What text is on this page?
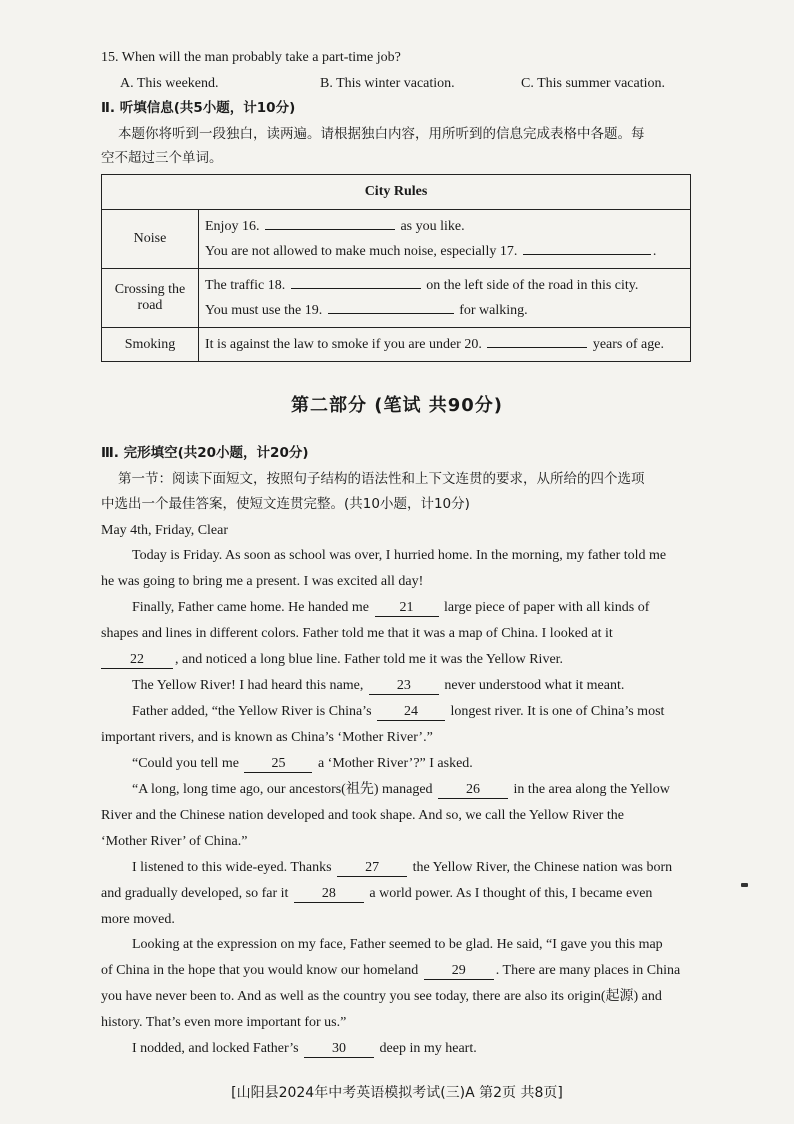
15. When will the man probably take a part-time job?
A. This weekend.	B. This winter vacation.	C. This summer vacation.
Ⅱ. 听填信息(共5小题，计10分)
本题你将听到一段独白，读两遍。请根据独白内容，用所听到的信息完成表格中各题。每
空不超过三个单词。
City Rules	
Noise	Enjoy 16. as you like.
You are not allowed to make much noise, especially 17. .

Crossing the road	The traffic 18. on the left side of the road in this city.
You must use the 19. for walking.

Smoking	It is against the law to smoke if you are under 20. years of age.
第二部分 (笔试 共90分)
Ⅲ. 完形填空(共20小题，计20分)
第一节：阅读下面短文，按照句子结构的语法性和上下文连贯的要求，从所给的四个选项
中选出一个最佳答案，使短文连贯完整。(共10小题，计10分)
May 4th, Friday, Clear
Today is Friday. As soon as school was over, I hurried home. In the morning, my father told me
he was going to bring me a present. I was excited all day!
Finally, Father came home. He handed me 21 large piece of paper with all kinds of
shapes and lines in different colors. Father told me that it was a map of China. I looked at it
22 , and noticed a long blue line. Father told me it was the Yellow River.
The Yellow River! I had heard this name, 23 never understood what it meant.
Father added, “the Yellow River is China’s 24 longest river. It is one of China’s most
important rivers, and is known as China’s ‘Mother River’.”
“Could you tell me 25 a ‘Mother River’?” I asked.
“A long, long time ago, our ancestors(祖先) managed 26 in the area along the Yellow
River and the Chinese nation developed and took shape. And so, we call the Yellow River the
‘Mother River’ of China.”
I listened to this wide-eyed. Thanks 27 the Yellow River, the Chinese nation was born
and gradually developed, so far it 28 a world power. As I thought of this, I became even
more moved.
Looking at the expression on my face, Father seemed to be glad. He said, “I gave you this map
of China in the hope that you would know our homeland 29 . There are many places in China
you have never been to. And as well as the country you see today, there are also its origin(起源) and
history. That’s even more important for us.”
I nodded, and locked Father’s 30 deep in my heart.
[山阳县2024年中考英语模拟考试(三)A 第2页 共8页]
